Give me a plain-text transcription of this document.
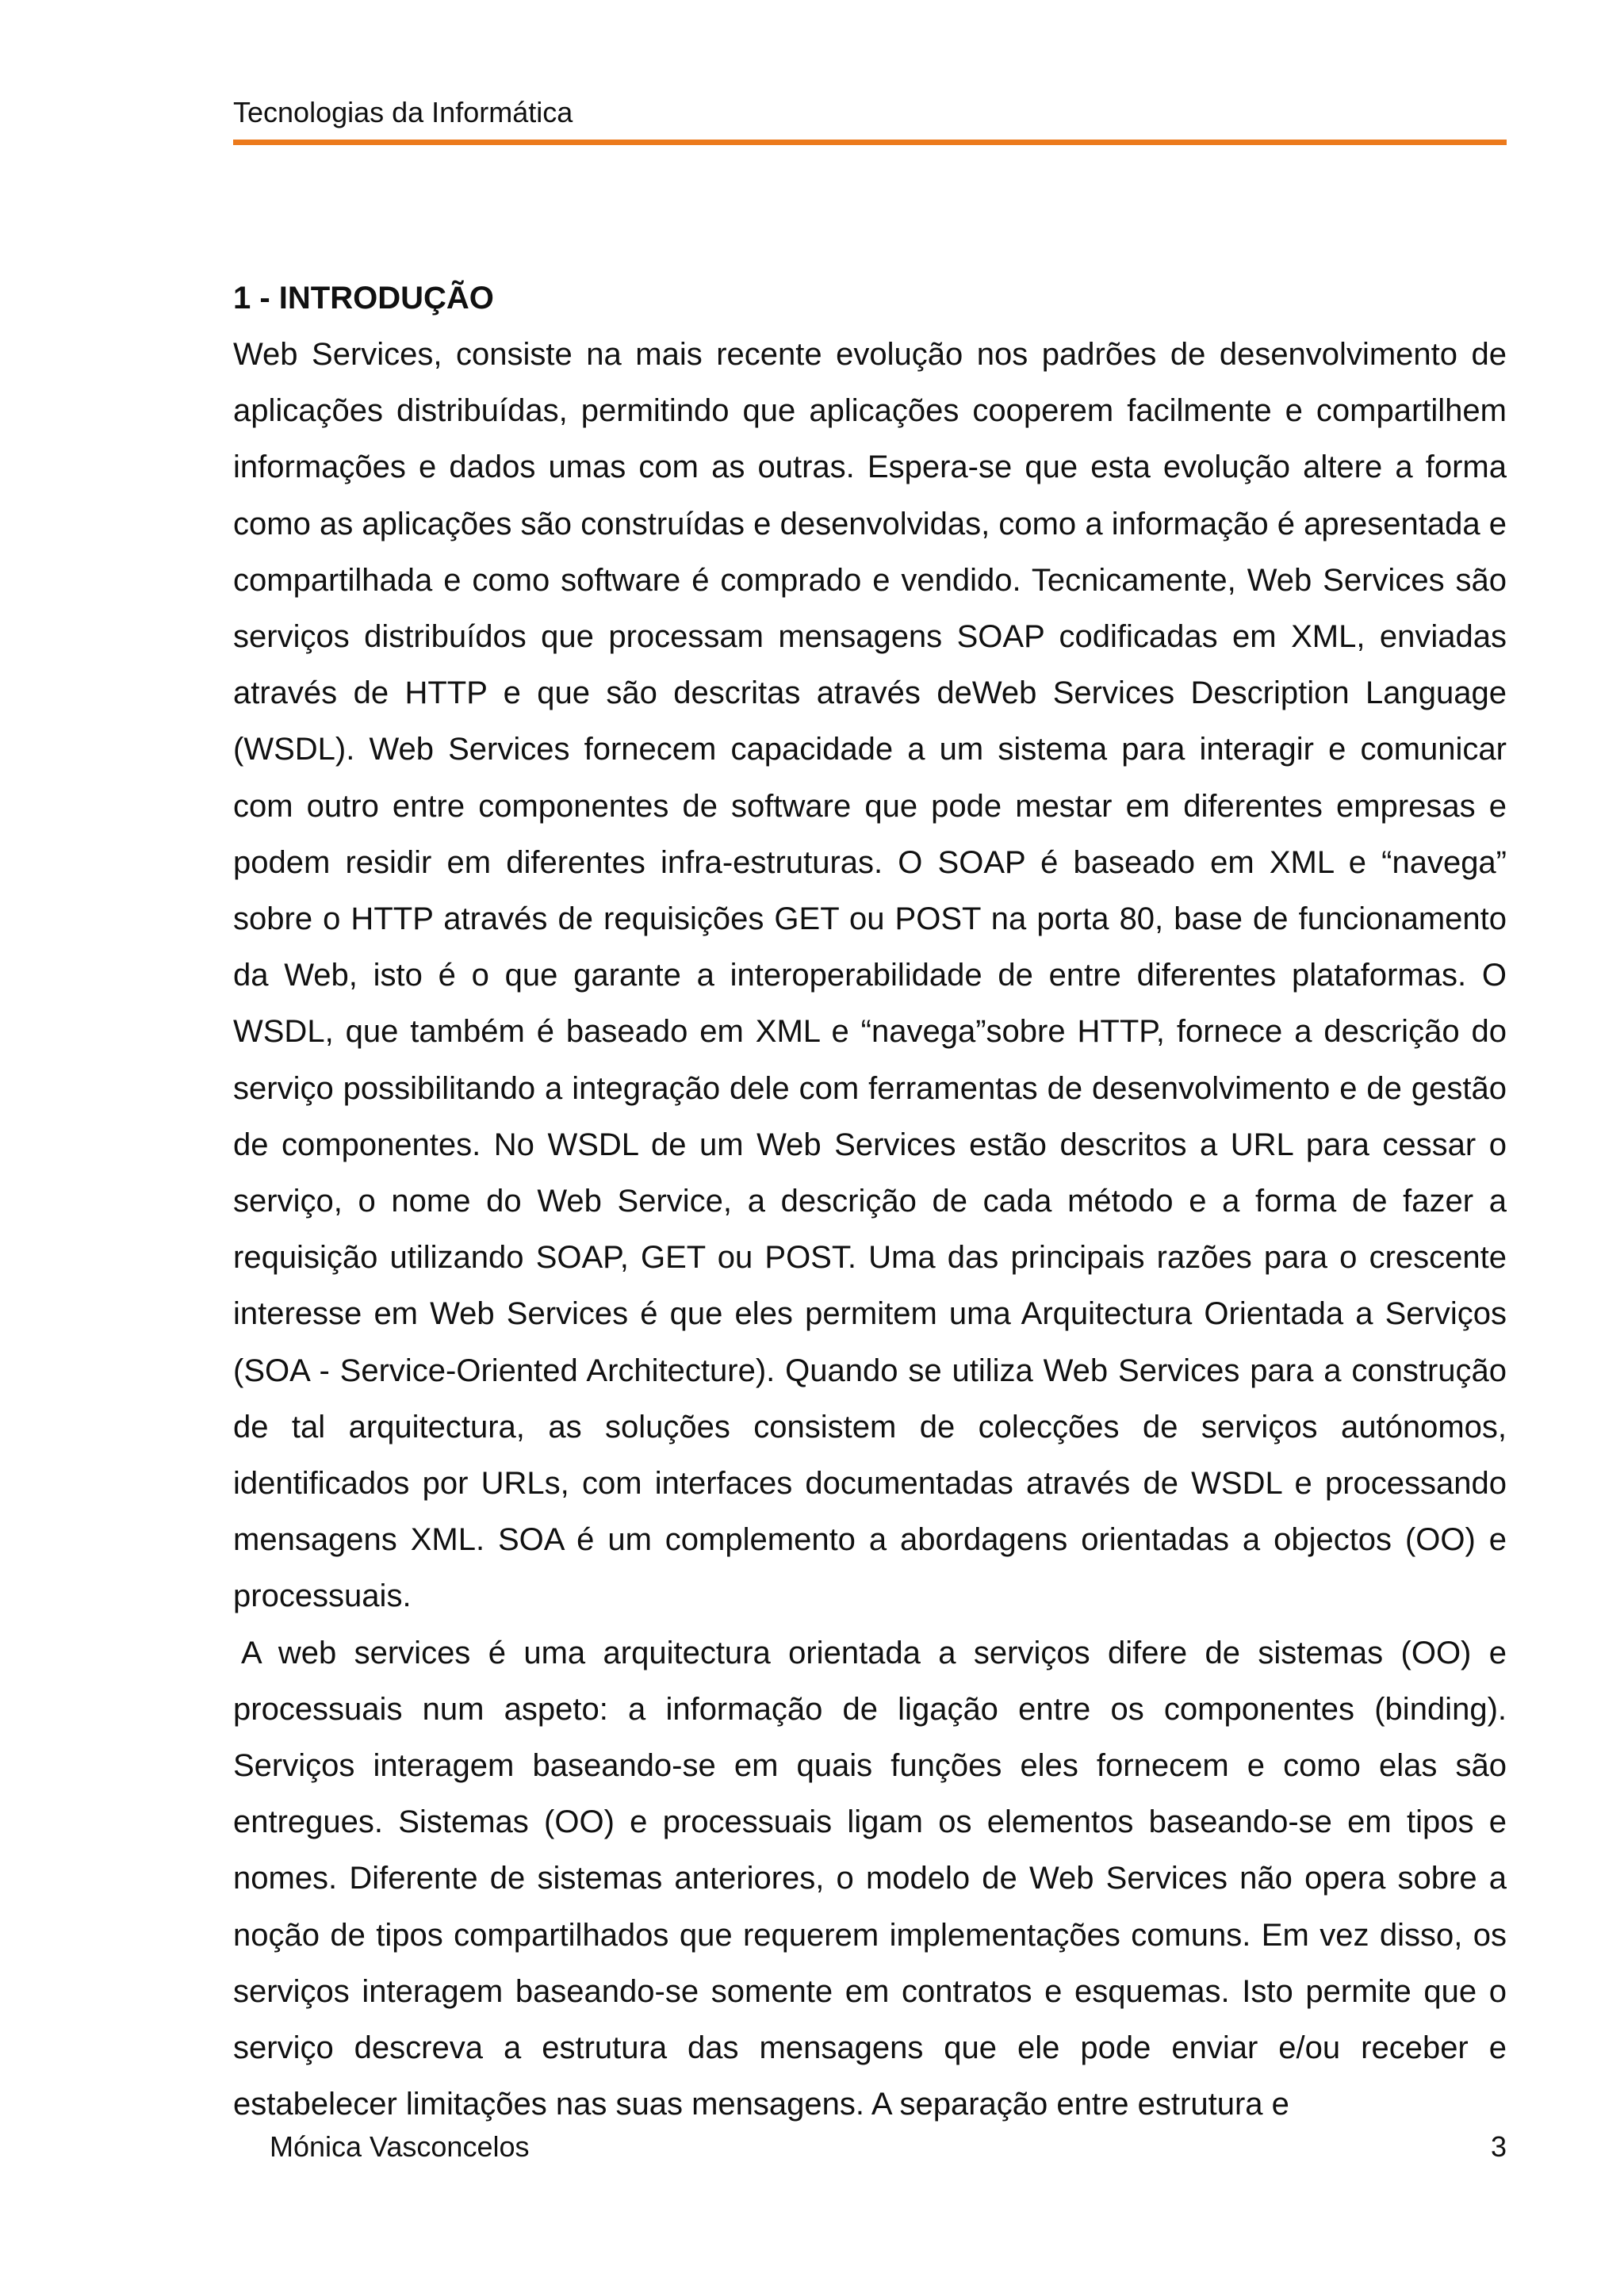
Tecnologias da Informática
1 - INTRODUÇÃO

Web Services, consiste na mais recente evolução nos padrões de desenvolvimento de aplicações distribuídas, permitindo que aplicações cooperem facilmente e compartilhem informações e dados umas com as outras. Espera-se que esta evolução altere a forma como as aplicações são construídas e desenvolvidas, como a informação é apresentada e compartilhada e como software é comprado e vendido. Tecnicamente, Web Services são serviços distribuídos que processam mensagens SOAP codificadas em XML, enviadas através de HTTP e que são descritas através deWeb Services Description Language (WSDL). Web Services fornecem capacidade a um sistema para interagir e comunicar com outro entre componentes de software que pode mestar em diferentes empresas e podem residir em diferentes infra-estruturas. O SOAP é baseado em XML e “navega” sobre o HTTP através de requisições GET ou POST na porta 80, base de funcionamento da Web, isto é o que garante a interoperabilidade de entre diferentes plataformas. O WSDL, que também é baseado em XML e “navega”sobre HTTP, fornece a descrição do serviço possibilitando a integração dele com ferramentas de desenvolvimento e de gestão de componentes. No WSDL de um Web Services estão descritos a URL para cessar o serviço, o nome do Web Service, a descrição de cada método e a forma de fazer a requisição utilizando SOAP, GET ou POST. Uma das principais razões para o crescente interesse em Web Services é que eles permitem uma Arquitectura Orientada a Serviços (SOA - Service-Oriented Architecture). Quando se utiliza Web Services para a construção de tal arquitectura, as soluções consistem de colecções de serviços autónomos, identificados por URLs, com interfaces documentadas através de WSDL e processando mensagens XML. SOA é um complemento a abordagens orientadas a objectos (OO) e processuais.

A web services é uma arquitectura orientada a serviços difere de sistemas (OO) e processuais num aspeto: a informação de ligação entre os componentes (binding). Serviços interagem baseando-se em quais funções eles fornecem e como elas são entregues. Sistemas (OO) e processuais ligam os elementos baseando-se em tipos e nomes. Diferente de sistemas anteriores, o modelo de Web Services não opera sobre a noção de tipos compartilhados que requerem implementações comuns. Em vez disso, os serviços interagem baseando-se somente em contratos e esquemas. Isto permite que o serviço descreva a estrutura das mensagens que ele pode enviar e/ou receber e estabelecer limitações nas suas mensagens. A separação entre estrutura e

Mónica Vasconcelos	3
